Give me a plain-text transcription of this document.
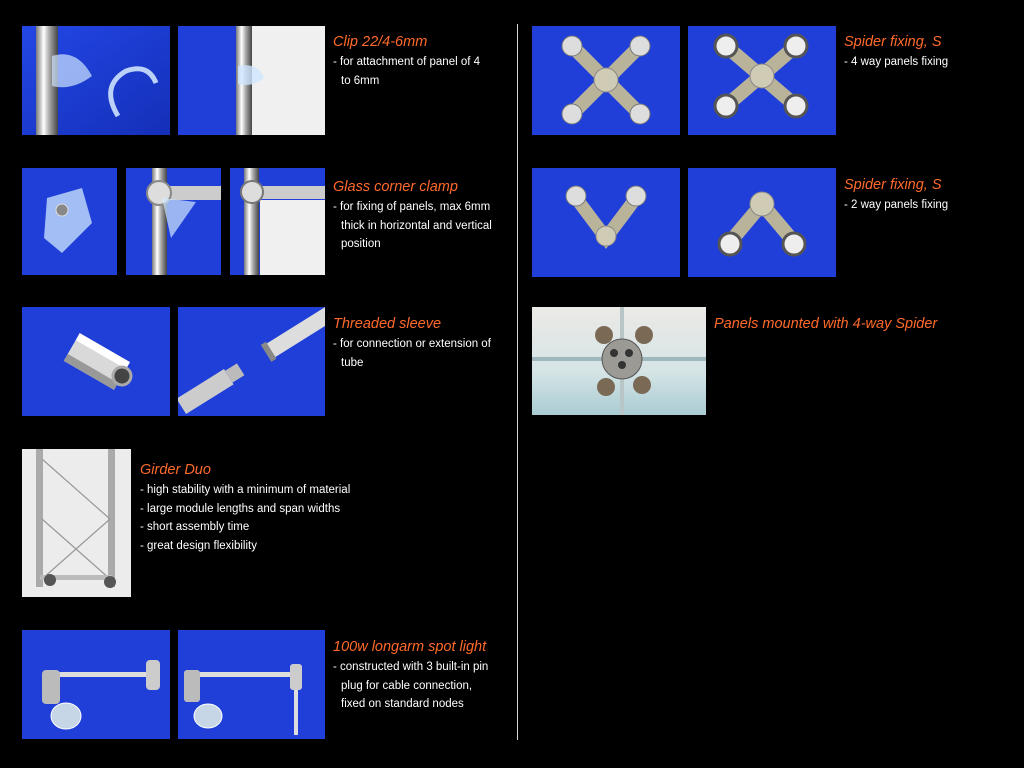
Clip 22/4-6mm
- for attachment of panel of 4
to 6mm
Glass corner clamp
- for fixing of panels, max 6mm
thick in horizontal and vertical
position
Threaded sleeve
- for connection or extension of
tube
Girder Duo
- high stability with a minimum of material
- large module lengths and span widths
- short assembly time
- great design flexibility
100w longarm spot light
- constructed with 3 built-in pin
plug for cable connection,
fixed on standard nodes
Spider fixing, S
- 4 way panels fixing
Spider fixing, S
- 2 way panels fixing
Panels mounted with 4-way Spider
